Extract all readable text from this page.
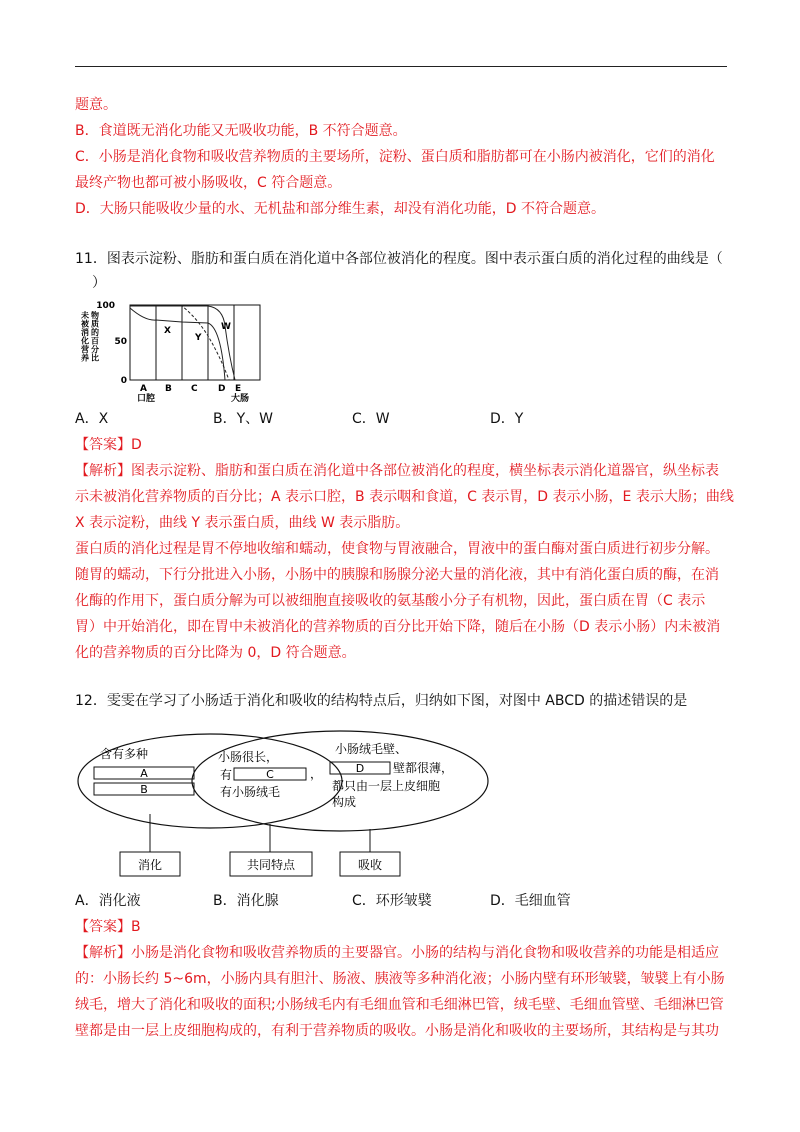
题意。

B．食道既无消化功能又无吸收功能，B 不符合题意。

C．小肠是消化食物和吸收营养物质的主要场所，淀粉、蛋白质和脂肪都可在小肠内被消化，它们的消化

最终产物也都可被小肠吸收，C 符合题意。

D．大肠只能吸收少量的水、无机盐和部分维生素，却没有消化功能，D 不符合题意。

11．图表示淀粉、脂肪和蛋白质在消化道中各部位被消化的程度。图中表示蛋白质的消化过程的曲线是（

）

未
被
消
化
营
养
物
质
的
百
分
比
100
50
0
X
Y
W
A B C D E
口腔	大肠
A．X	B．Y、W	C．W	D．Y

【答案】D

【解析】图表示淀粉、脂肪和蛋白质在消化道中各部位被消化的程度，横坐标表示消化道器官，纵坐标表

示未被消化营养物质的百分比；A 表示口腔，B 表示咽和食道，C 表示胃，D 表示小肠，E 表示大肠；曲线

X 表示淀粉，曲线 Y 表示蛋白质，曲线 W 表示脂肪。

蛋白质的消化过程是胃不停地收缩和蠕动，使食物与胃液融合，胃液中的蛋白酶对蛋白质进行初步分解。

随胃的蠕动，下行分批进入小肠，小肠中的胰腺和肠腺分泌大量的消化液，其中有消化蛋白质的酶，在消

化酶的作用下，蛋白质分解为可以被细胞直接吸收的氨基酸小分子有机物，因此，蛋白质在胃（C 表示

胃）中开始消化，即在胃中未被消化的营养物质的百分比开始下降，随后在小肠（D 表示小肠）内未被消

化的营养物质的百分比降为 0，D 符合题意。

12．雯雯在学习了小肠适于消化和吸收的结构特点后，归纳如下图，对图中 ABCD 的描述错误的是

含有多种
A
B
小肠很长，
有	C	，
有小肠绒毛
小肠绒毛壁、
D 壁都很薄，
都只由一层上皮细胞
构成
消化	共同特点	吸收
A．消化液	B．消化腺	C．环形皱襞	D．毛细血管

【答案】B

【解析】小肠是消化食物和吸收营养物质的主要器官。小肠的结构与消化食物和吸收营养的功能是相适应

的：小肠长约 5~6m，小肠内具有胆汁、肠液、胰液等多种消化液；小肠内壁有环形皱襞，皱襞上有小肠

绒毛，增大了消化和吸收的面积;小肠绒毛内有毛细血管和毛细淋巴管，绒毛壁、毛细血管壁、毛细淋巴管

壁都是由一层上皮细胞构成的，有利于营养物质的吸收。小肠是消化和吸收的主要场所，其结构是与其功
